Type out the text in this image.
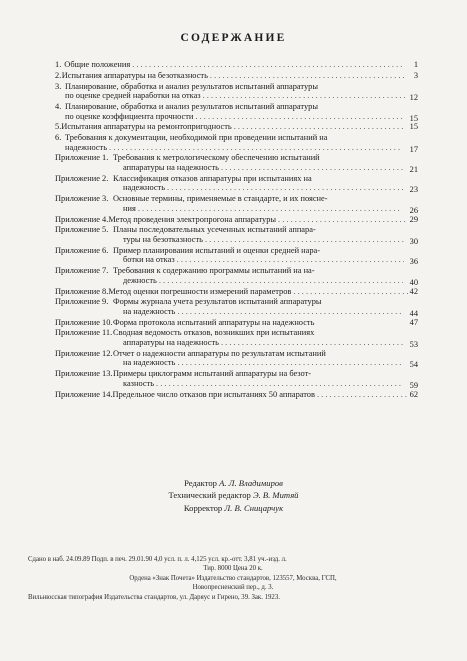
СОДЕРЖАНИЕ
1. Общие положения . . .	1
2. Испытания аппаратуры на безотказность . . .	3
3. Планирование, обработка и анализ результатов испытаний аппаратуры
по оценке средней наработки на отказ . . .	12
4. Планирование, обработка и анализ результатов испытаний аппаратуры
по оценке коэффициента прочности . . .	15
5. Испытания аппаратуры на ремонтопригодность . . .	15
6. Требования к документации, необходимой при проведении испытаний на
надежность . . .	17
Приложение 1. Требования к метрологическому обеспечению испытаний
аппаратуры на надежность . . .	21
Приложение 2. Классификация отказов аппаратуры при испытаниях на
надежность . . .	23
Приложение 3. Основные термины, применяемые в стандарте, и их поясне-
ния . . .	26
Приложение 4. Метод проведения электропрогона аппаратуры . . .	29
Приложение 5. Планы последовательных усеченных испытаний аппара-
туры на безотказность . . .	30
Приложение 6. Пример планирования испытаний и оценки средней нара-
ботки на отказ . . .	36
Приложение 7. Требования к содержанию программы испытаний на на-
дежность . . .	40
Приложение 8. Метод оценки погрешности измерений параметров . . .	42
Приложение 9. Формы журнала учета результатов испытаний аппаратуры
на надежность . . .	44
Приложение 10. Форма протокола испытаний аппаратуры на надежность	47
Приложение 11. Сводная ведомость отказов, возникших при испытаниях
аппаратуры на надежность . . .	53
Приложение 12. Отчет о надежности аппаратуры по результатам испытаний
на надежность . . .	54
Приложение 13. Примеры циклограмм испытаний аппаратуры на безот-
казность . . .	59
Приложение 14. Предельное число отказов при испытаниях 50 аппаратов . . .	62
Редактор А. Л. Владимиров
Технический редактор Э. В. Митяй
Корректор Л. В. Сницарчук
Сдано в наб. 24.09.89 Подп. в печ. 29.01.90 4,0 усл. п. л. 4,125 усл. кр.-отт. 3,81 уч.-изд. л.
Тир. 8000 Цена 20 к.
Ордена «Знак Почета» Издательство стандартов, 123557, Москва, ГСП,
Новопресненский пер., д. 3.
Вильнюсская типография Издательства стандартов, ул. Даряус и Гирено, 39. Зак. 1923.
